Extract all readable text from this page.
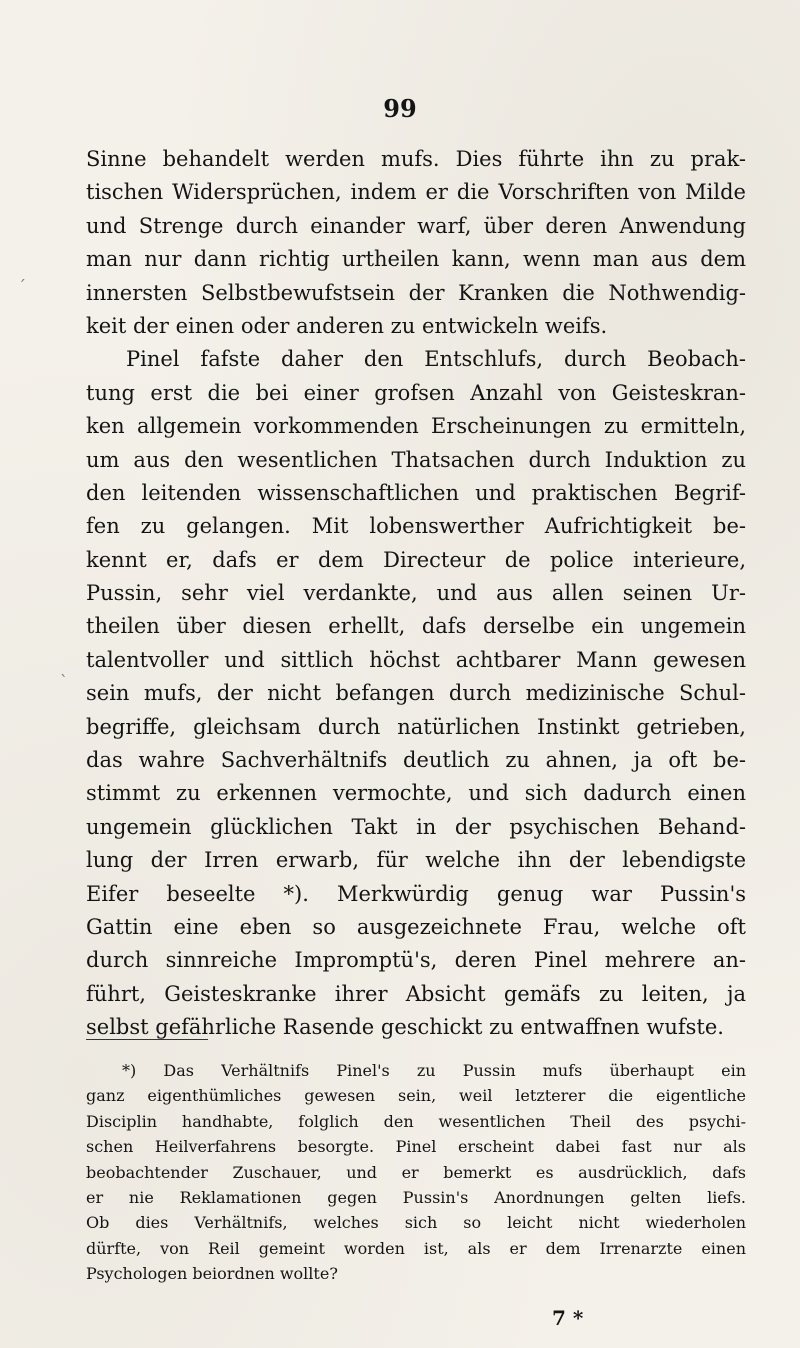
99
´
`
Sinne behandelt werden mufs. Dies führte ihn zu prak-
tischen Widersprüchen, indem er die Vorschriften von Milde
und Strenge durch einander warf, über deren Anwendung
man nur dann richtig urtheilen kann, wenn man aus dem
innersten Selbstbewufstsein der Kranken die Nothwendig-
keit der einen oder anderen zu entwickeln weifs.
Pinel fafste daher den Entschlufs, durch Beobach-
tung erst die bei einer grofsen Anzahl von Geisteskran-
ken allgemein vorkommenden Erscheinungen zu ermitteln,
um aus den wesentlichen Thatsachen durch Induktion zu
den leitenden wissenschaftlichen und praktischen Begrif-
fen zu gelangen. Mit lobenswerther Aufrichtigkeit be-
kennt er, dafs er dem Directeur de police interieure,
Pussin, sehr viel verdankte, und aus allen seinen Ur-
theilen über diesen erhellt, dafs derselbe ein ungemein
talentvoller und sittlich höchst achtbarer Mann gewesen
sein mufs, der nicht befangen durch medizinische Schul-
begriffe, gleichsam durch natürlichen Instinkt getrieben,
das wahre Sachverhältnifs deutlich zu ahnen, ja oft be-
stimmt zu erkennen vermochte, und sich dadurch einen
ungemein glücklichen Takt in der psychischen Behand-
lung der Irren erwarb, für welche ihn der lebendigste
Eifer beseelte *). Merkwürdig genug war Pussin's
Gattin eine eben so ausgezeichnete Frau, welche oft
durch sinnreiche Impromptü's, deren Pinel mehrere an-
führt, Geisteskranke ihrer Absicht gemäfs zu leiten, ja
selbst gefährliche Rasende geschickt zu entwaffnen wufste.
*) Das Verhältnifs Pinel's zu Pussin mufs überhaupt ein
ganz eigenthümliches gewesen sein, weil letzterer die eigentliche
Disciplin handhabte, folglich den wesentlichen Theil des psychi-
schen Heilverfahrens besorgte. Pinel erscheint dabei fast nur als
beobachtender Zuschauer, und er bemerkt es ausdrücklich, dafs
er nie Reklamationen gegen Pussin's Anordnungen gelten liefs.
Ob dies Verhältnifs, welches sich so leicht nicht wiederholen
dürfte, von Reil gemeint worden ist, als er dem Irrenarzte einen
Psychologen beiordnen wollte?
7 *
